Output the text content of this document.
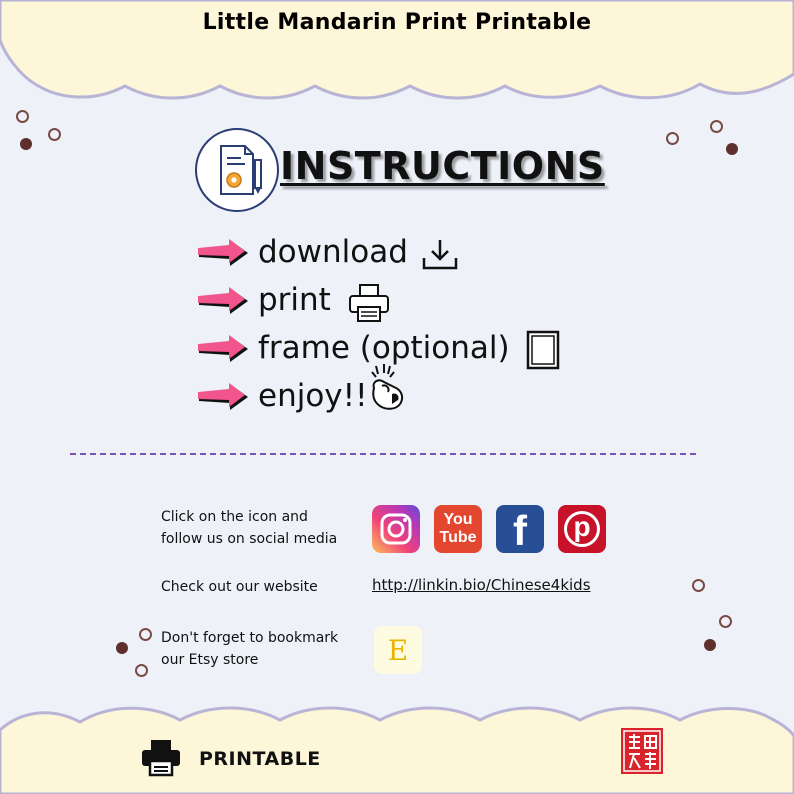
Little Mandarin Print Printable
INSTRUCTIONS
download
print
frame (optional)
enjoy!!
Click on the icon and
follow us on social media
You
Tube f p
Check out our website	http://linkin.bio/Chinese4kids
Don't forget to bookmark
our Etsy store	E
PRINTABLE
